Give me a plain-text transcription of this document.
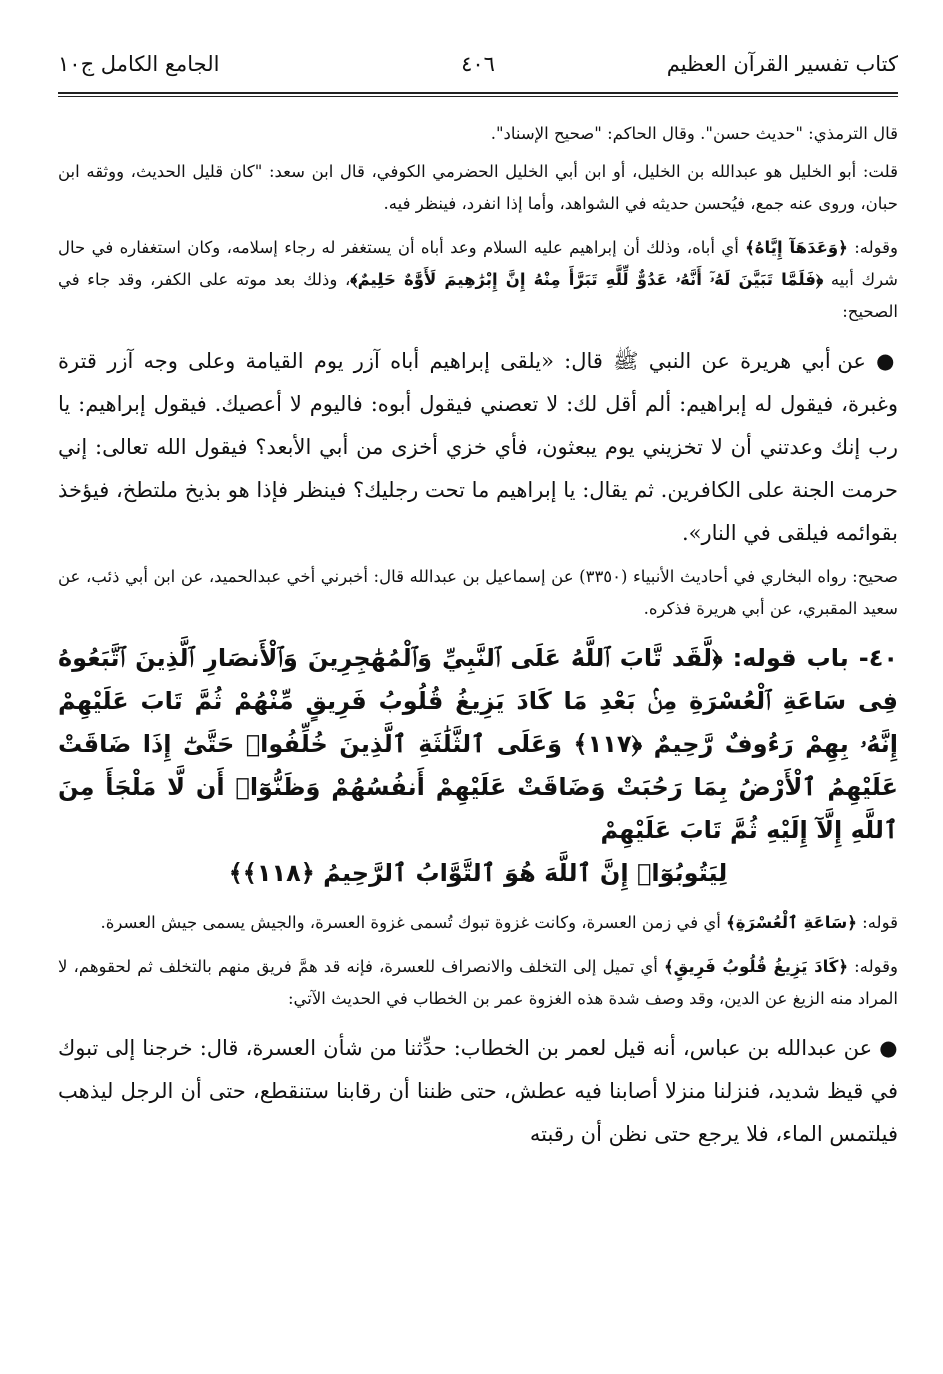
كتاب تفسير القرآن العظيم
٤٠٦
الجامع الكامل ج١٠

قال الترمذي: "حديث حسن". وقال الحاكم: "صحيح الإسناد".

قلت: أبو الخليل هو عبدالله بن الخليل، أو ابن أبي الخليل الحضرمي الكوفي، قال ابن سعد: "كان قليل الحديث، ووثقه ابن حبان، وروى عنه جمع، فيُحسن حديثه في الشواهد، وأما إذا انفرد، فينظر فيه.

وقوله: ﴿وَعَدَهَآ إِيَّاهُ﴾ أي أباه، وذلك أن إبراهيم عليه السلام وعد أباه أن يستغفر له رجاء إسلامه، وكان استغفاره في حال شرك أبيه ﴿فَلَمَّا تَبَيَّنَ لَهُۥٓ أَنَّهُۥ عَدُوٌّ لِّلَّهِ تَبَرَّأَ مِنْهُ إِنَّ إِبْرَٰهِيمَ لَأَوَّٰهٌ حَلِيمٌ﴾، وذلك بعد موته على الكفر، وقد جاء في الصحيح:

● عن أبي هريرة عن النبي ﷺ قال: «يلقى إبراهيم أباه آزر يوم القيامة وعلى وجه آزر قترة وغبرة، فيقول له إبراهيم: ألم أقل لك: لا تعصني فيقول أبوه: فاليوم لا أعصيك. فيقول إبراهيم: يا رب إنك وعدتني أن لا تخزيني يوم يبعثون، فأي خزي أخزى من أبي الأبعد؟ فيقول الله تعالى: إني حرمت الجنة على الكافرين. ثم يقال: يا إبراهيم ما تحت رجليك؟ فينظر فإذا هو بذيخ ملتطخ، فيؤخذ بقوائمه فيلقى في النار».

صحيح: رواه البخاري في أحاديث الأنبياء (٣٣٥٠) عن إسماعيل بن عبدالله قال: أخبرني أخي عبدالحميد، عن ابن أبي ذئب، عن سعيد المقبري، عن أبي هريرة فذكره.

٤٠- باب قوله: ﴿لَّقَد تَّابَ ٱللَّهُ عَلَى ٱلنَّبِيِّ وَٱلْمُهَٰجِرِينَ وَٱلْأَنصَارِ ٱلَّذِينَ ٱتَّبَعُوهُ فِى سَاعَةِ ٱلْعُسْرَةِ مِنۢ بَعْدِ مَا كَادَ يَزِيغُ قُلُوبُ فَرِيقٍ مِّنْهُمْ ثُمَّ تَابَ عَلَيْهِمْ إِنَّهُۥ بِهِمْ رَءُوفٌ رَّحِيمٌ ﴿١١٧﴾ وَعَلَى ٱلثَّلَٰثَةِ ٱلَّذِينَ خُلِّفُوا۟ حَتَّىٰٓ إِذَا ضَاقَتْ عَلَيْهِمُ ٱلْأَرْضُ بِمَا رَحُبَتْ وَضَاقَتْ عَلَيْهِمْ أَنفُسُهُمْ وَظَنُّوٓا۟ أَن لَّا مَلْجَأَ مِنَ ٱللَّهِ إِلَّآ إِلَيْهِ ثُمَّ تَابَ عَلَيْهِمْ

لِيَتُوبُوٓا۟ إِنَّ ٱللَّهَ هُوَ ٱلتَّوَّابُ ٱلرَّحِيمُ ﴿١١٨﴾﴾

قوله: ﴿سَاعَةِ ٱلْعُسْرَةِ﴾ أي في زمن العسرة، وكانت غزوة تبوك تُسمى غزوة العسرة، والجيش يسمى جيش العسرة.

وقوله: ﴿كَادَ يَزِيغُ قُلُوبُ فَرِيقٍ﴾ أي تميل إلى التخلف والانصراف للعسرة، فإنه قد همَّ فريق منهم بالتخلف ثم لحقوهم، لا المراد منه الزيغ عن الدين، وقد وصف شدة هذه الغزوة عمر بن الخطاب في الحديث الآتي:

● عن عبدالله بن عباس، أنه قيل لعمر بن الخطاب: حدِّثنا من شأن العسرة، قال: خرجنا إلى تبوك في قيظ شديد، فنزلنا منزلا أصابنا فيه عطش، حتى ظننا أن رقابنا ستنقطع، حتى أن الرجل ليذهب فيلتمس الماء، فلا يرجع حتى نظن أن رقبته
